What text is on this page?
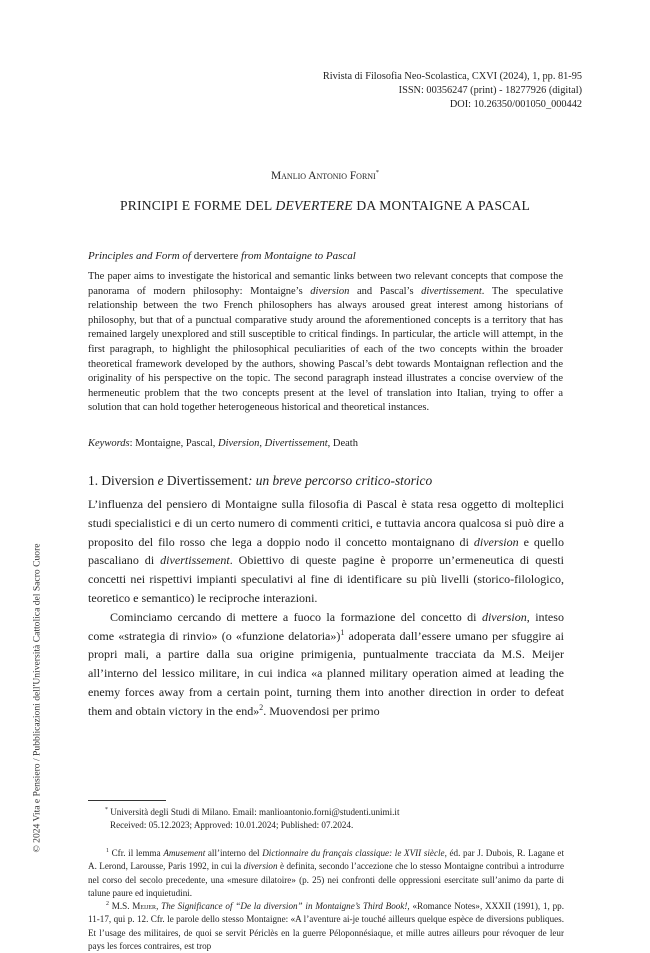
© 2024 Vita e Pensiero / Pubblicazioni dell'Università Cattolica del Sacro Cuore
Rivista di Filosofia Neo-Scolastica, CXVI (2024), 1, pp. 81-95
ISSN: 00356247 (print) - 18277926 (digital)
DOI: 10.26350/001050_000442
Manlio Antonio Forni*
PRINCIPI E FORME DEL DEVERTERE DA MONTAIGNE A PASCAL
Principles and Form of dervertere from Montaigne to Pascal
The paper aims to investigate the historical and semantic links between two relevant concepts that compose the panorama of modern philosophy: Montaigne’s diversion and Pascal’s divertissement. The speculative relationship between the two French philosophers has always aroused great interest among historians of philosophy, but that of a punctual comparative study around the aforementioned concepts is a territory that has remained largely unexplored and still susceptible to critical findings. In particular, the article will attempt, in the first paragraph, to highlight the philosophical peculiarities of each of the two concepts within the broader theoretical framework developed by the authors, showing Pascal’s debt towards Montaignan reflection and the originality of his perspective on the topic. The second paragraph instead illustrates a concise overview of the hermeneutic problem that the two concepts present at the level of translation into Italian, trying to offer a solution that can hold together heterogeneous historical and theoretical instances.
Keywords: Montaigne, Pascal, Diversion, Divertissement, Death
1. Diversion e Divertissement: un breve percorso critico-storico

L’influenza del pensiero di Montaigne sulla filosofia di Pascal è stata resa oggetto di molteplici studi specialistici e di un certo numero di commenti critici, e tuttavia ancora qualcosa si può dire a proposito del filo rosso che lega a doppio nodo il concetto montaignano di diversion e quello pascaliano di divertissement. Obiettivo di queste pagine è proporre un’ermeneutica di questi concetti nei rispettivi impianti speculativi al fine di identificare su più livelli (storico-filologico, teoretico e semantico) le reciproche interazioni.

Cominciamo cercando di mettere a fuoco la formazione del concetto di diversion, inteso come «strategia di rinvio» (o «funzione delatoria»)$^1$ adoperata dall’essere umano per sfuggire ai propri mali, a partire dalla sua origine primigenia, puntualmente tracciata da M.S. Meijer all’interno del lessico militare, in cui indica «a planned military operation aimed at leading the enemy forces away from a certain point, turning them into another direction in order to defeat them and obtain victory in the end»$^2$. Muovendosi per primo

* Università degli Studi di Milano. Email: manlioantonio.forni@studenti.unimi.it
Received: 05.12.2023; Approved: 10.01.2024; Published: 07.2024.

$^1$ Cfr. il lemma Amusement all’interno del Dictionnaire du français classique: le XVII siècle, éd. par J. Dubois, R. Lagane et A. Lerond, Larousse, Paris 1992, in cui la diversion è definita, secondo l’accezione che lo stesso Montaigne contribuì a introdurre nel corso del secolo precedente, una «mesure dilatoire» (p. 25) nei confronti delle oppressioni esercitate sull’animo da parte di talune paure ed inquietudini.

$^2$ M.S. Meijer, The Significance of “De la diversion” in Montaigne’s Third Book!, «Romance Notes», XXXII (1991), 1, pp. 11-17, qui p. 12. Cfr. le parole dello stesso Montaigne: «A l’aventure ai-je touché ailleurs quelque espèce de diversions publiques. Et l’usage des militaires, de quoi se servit Périclès en la guerre Péloponnésiaque, et mille autres ailleurs pour révoquer de leur pays les forces contraires, est trop
